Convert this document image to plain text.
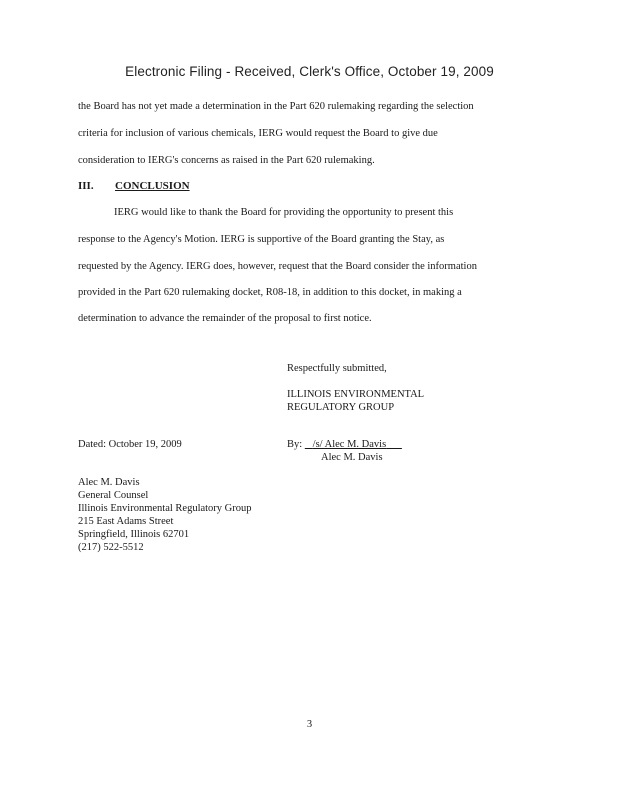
Electronic Filing - Received, Clerk's Office, October 19, 2009
the Board has not yet made a determination in the Part 620 rulemaking regarding the selection
criteria for inclusion of various chemicals, IERG would request the Board to give due
consideration to IERG's concerns as raised in the Part 620 rulemaking.
III. CONCLUSION
IERG would like to thank the Board for providing the opportunity to present this
response to the Agency's Motion. IERG is supportive of the Board granting the Stay, as
requested by the Agency. IERG does, however, request that the Board consider the information
provided in the Part 620 rulemaking docket, R08-18, in addition to this docket, in making a
determination to advance the remainder of the proposal to first notice.
Respectfully submitted,
ILLINOIS ENVIRONMENTAL
REGULATORY GROUP
Dated: October 19, 2009	By: /s/ Alec M. Davis
Alec M. Davis
Alec M. Davis
General Counsel
Illinois Environmental Regulatory Group
215 East Adams Street
Springfield, Illinois 62701
(217) 522-5512
3
